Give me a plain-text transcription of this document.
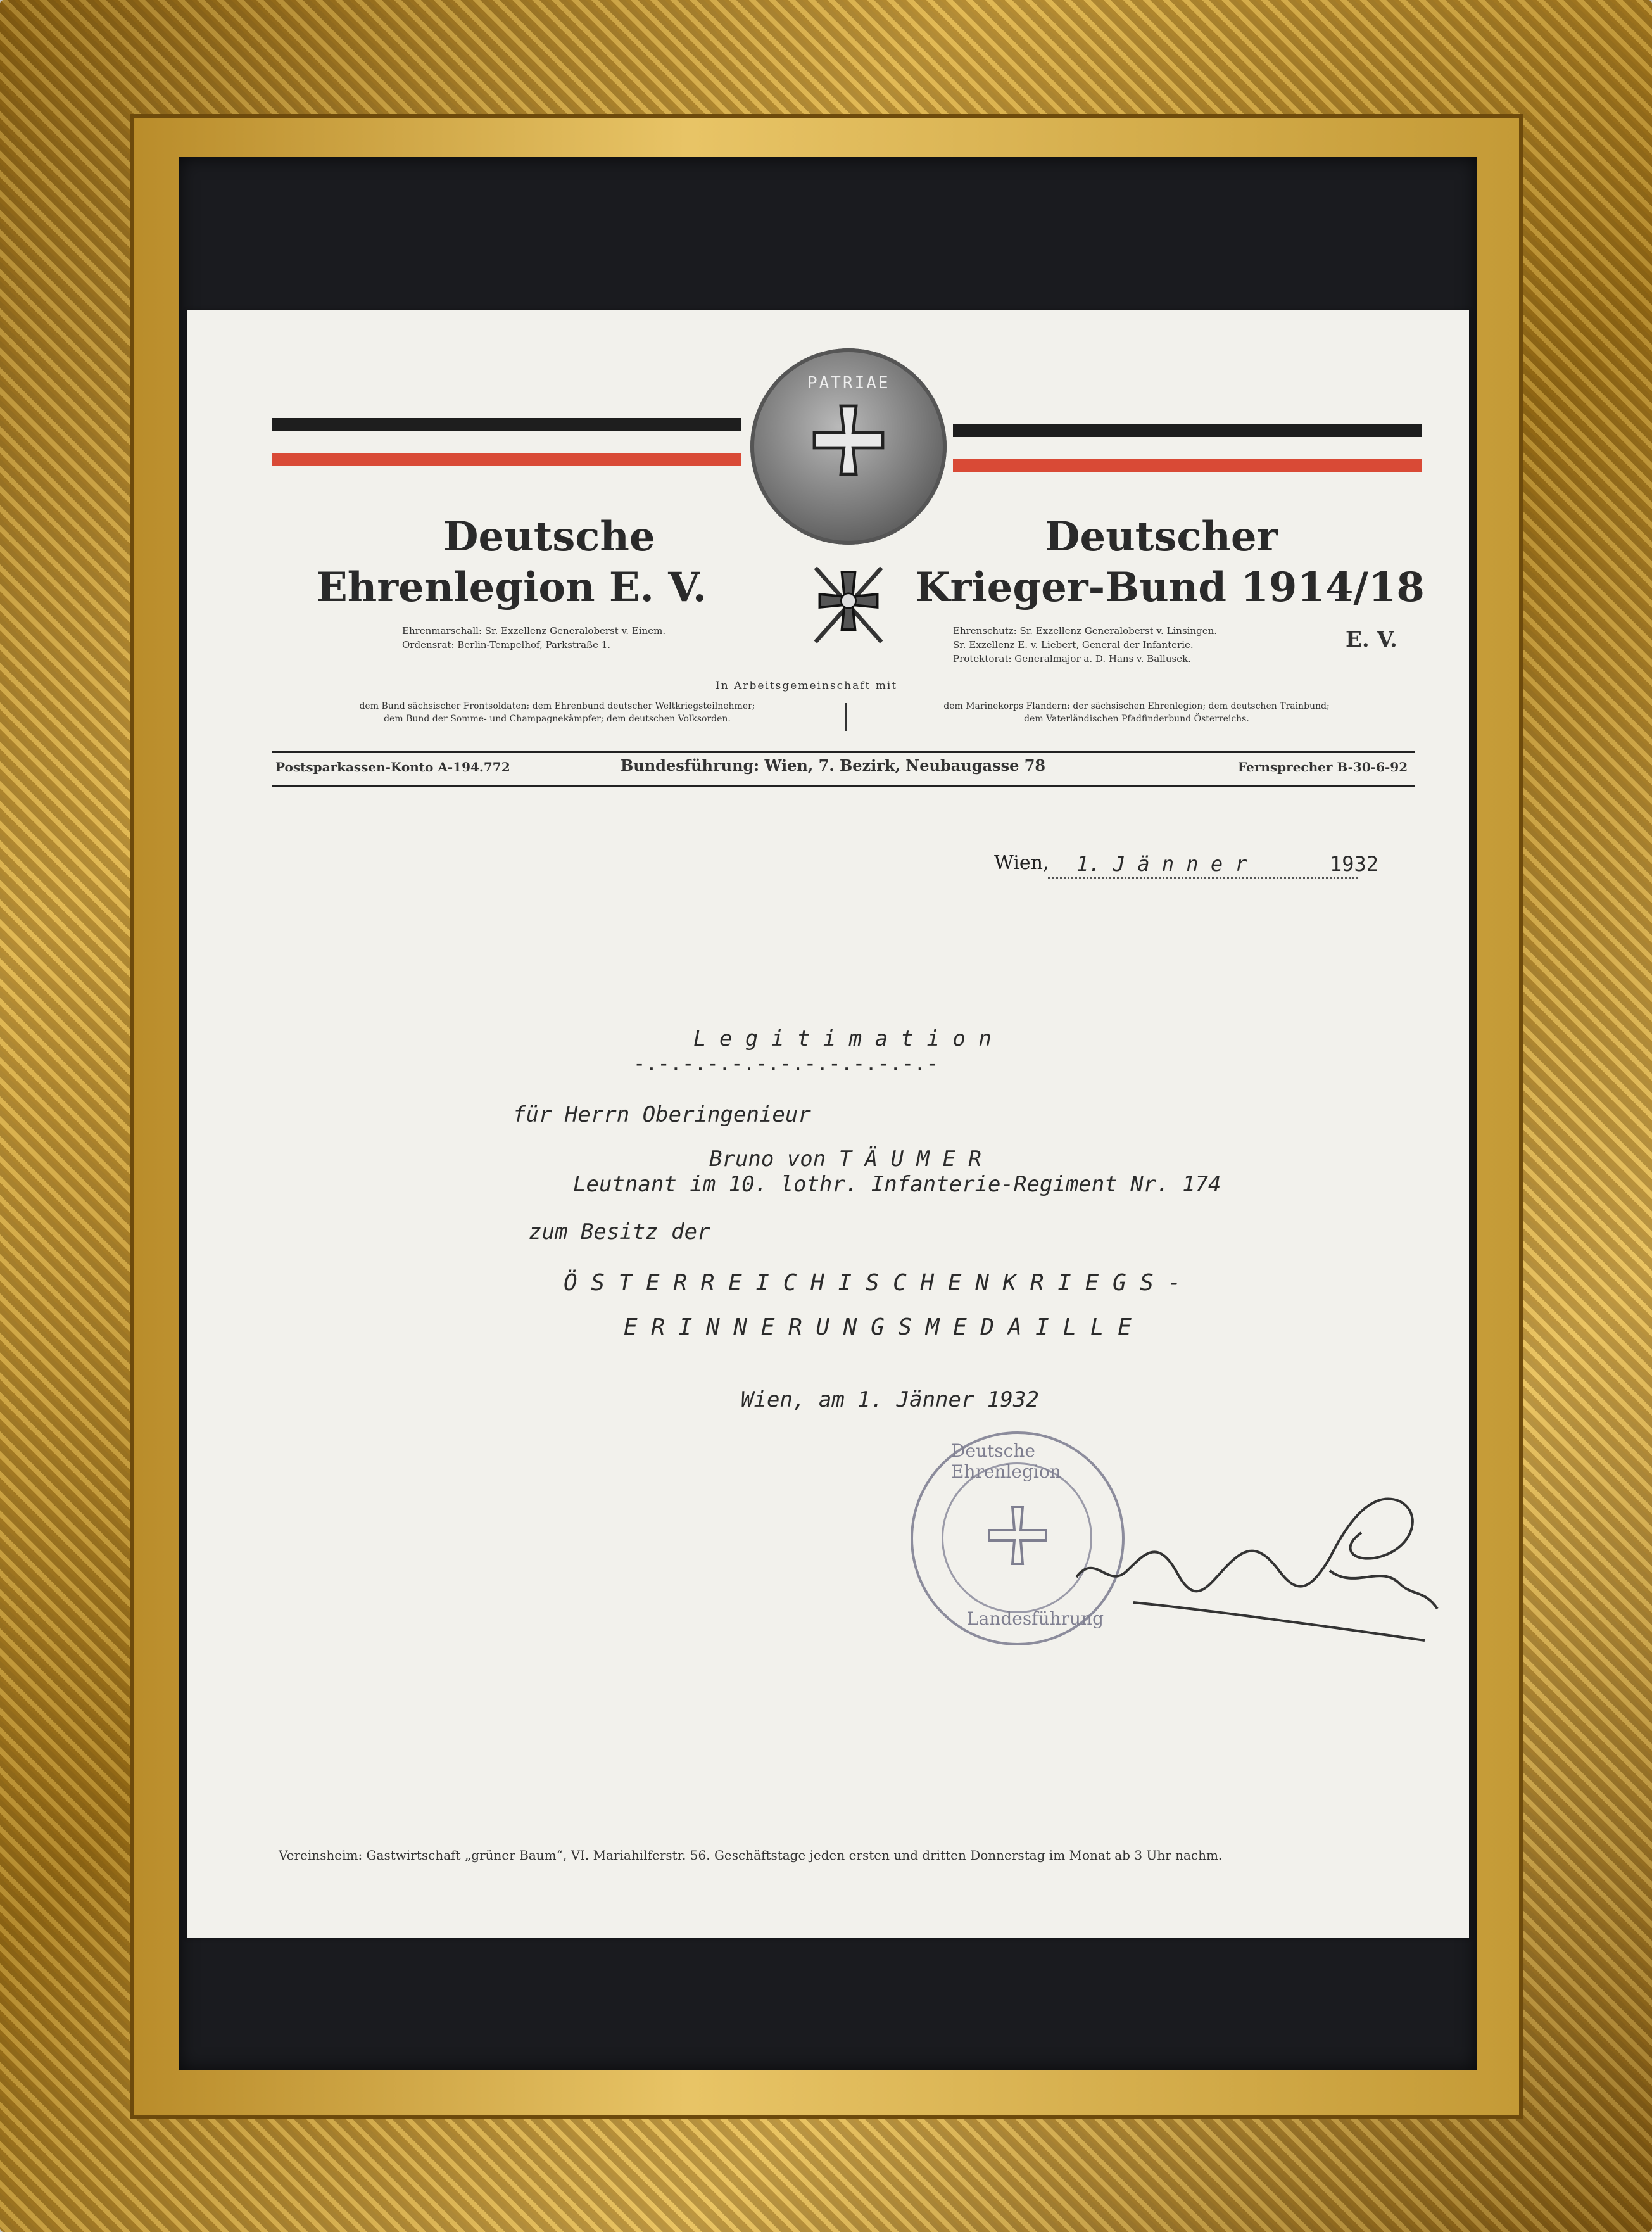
PATRIAE
Deutsche
Ehrenlegion E. V.
Deutscher
Krieger-Bund 1914/18
E. V.
Ehrenmarschall: Sr. Exzellenz Generaloberst v. Einem.
Ordensrat: Berlin-Tempelhof, Parkstraße 1.
Ehrenschutz: Sr. Exzellenz Generaloberst v. Linsingen.
Sr. Exzellenz E. v. Liebert, General der Infanterie.
Protektorat: Generalmajor a. D. Hans v. Ballusek.
In Arbeitsgemeinschaft mit
dem Bund sächsischer Frontsoldaten; dem Ehrenbund deutscher Weltkriegsteilnehmer;
dem Bund der Somme- und Champagnekämpfer; dem deutschen Volksorden.
dem Marinekorps Flandern: der sächsischen Ehrenlegion; dem deutschen Trainbund;
dem Vaterländischen Pfadfinderbund Österreichs.
Postsparkassen-Konto A-194.772	Bundesführung: Wien, 7. Bezirk, Neubaugasse 78	Fernsprecher B-30-6-92
Wien, 1. J ä n n e r	1932
L e g i t i m a t i o n
-.-.-.-.-.-.-.-.-.-.-.-.-
für Herrn Oberingenieur
Bruno von T Ä U M E R
Leutnant im 10. lothr. Infanterie-Regiment Nr. 174
zum Besitz der
Ö S T E R R E I C H I S C H E N K R I E G S -
E R I N N E R U N G S M E D A I L L E
Wien, am 1. Jänner 1932
Deutsche Ehrenlegion
Landesführung
Vereinsheim: Gastwirtschaft „grüner Baum“, VI. Mariahilferstr. 56. Geschäftstage jeden ersten und dritten Donnerstag im Monat ab 3 Uhr nachm.
